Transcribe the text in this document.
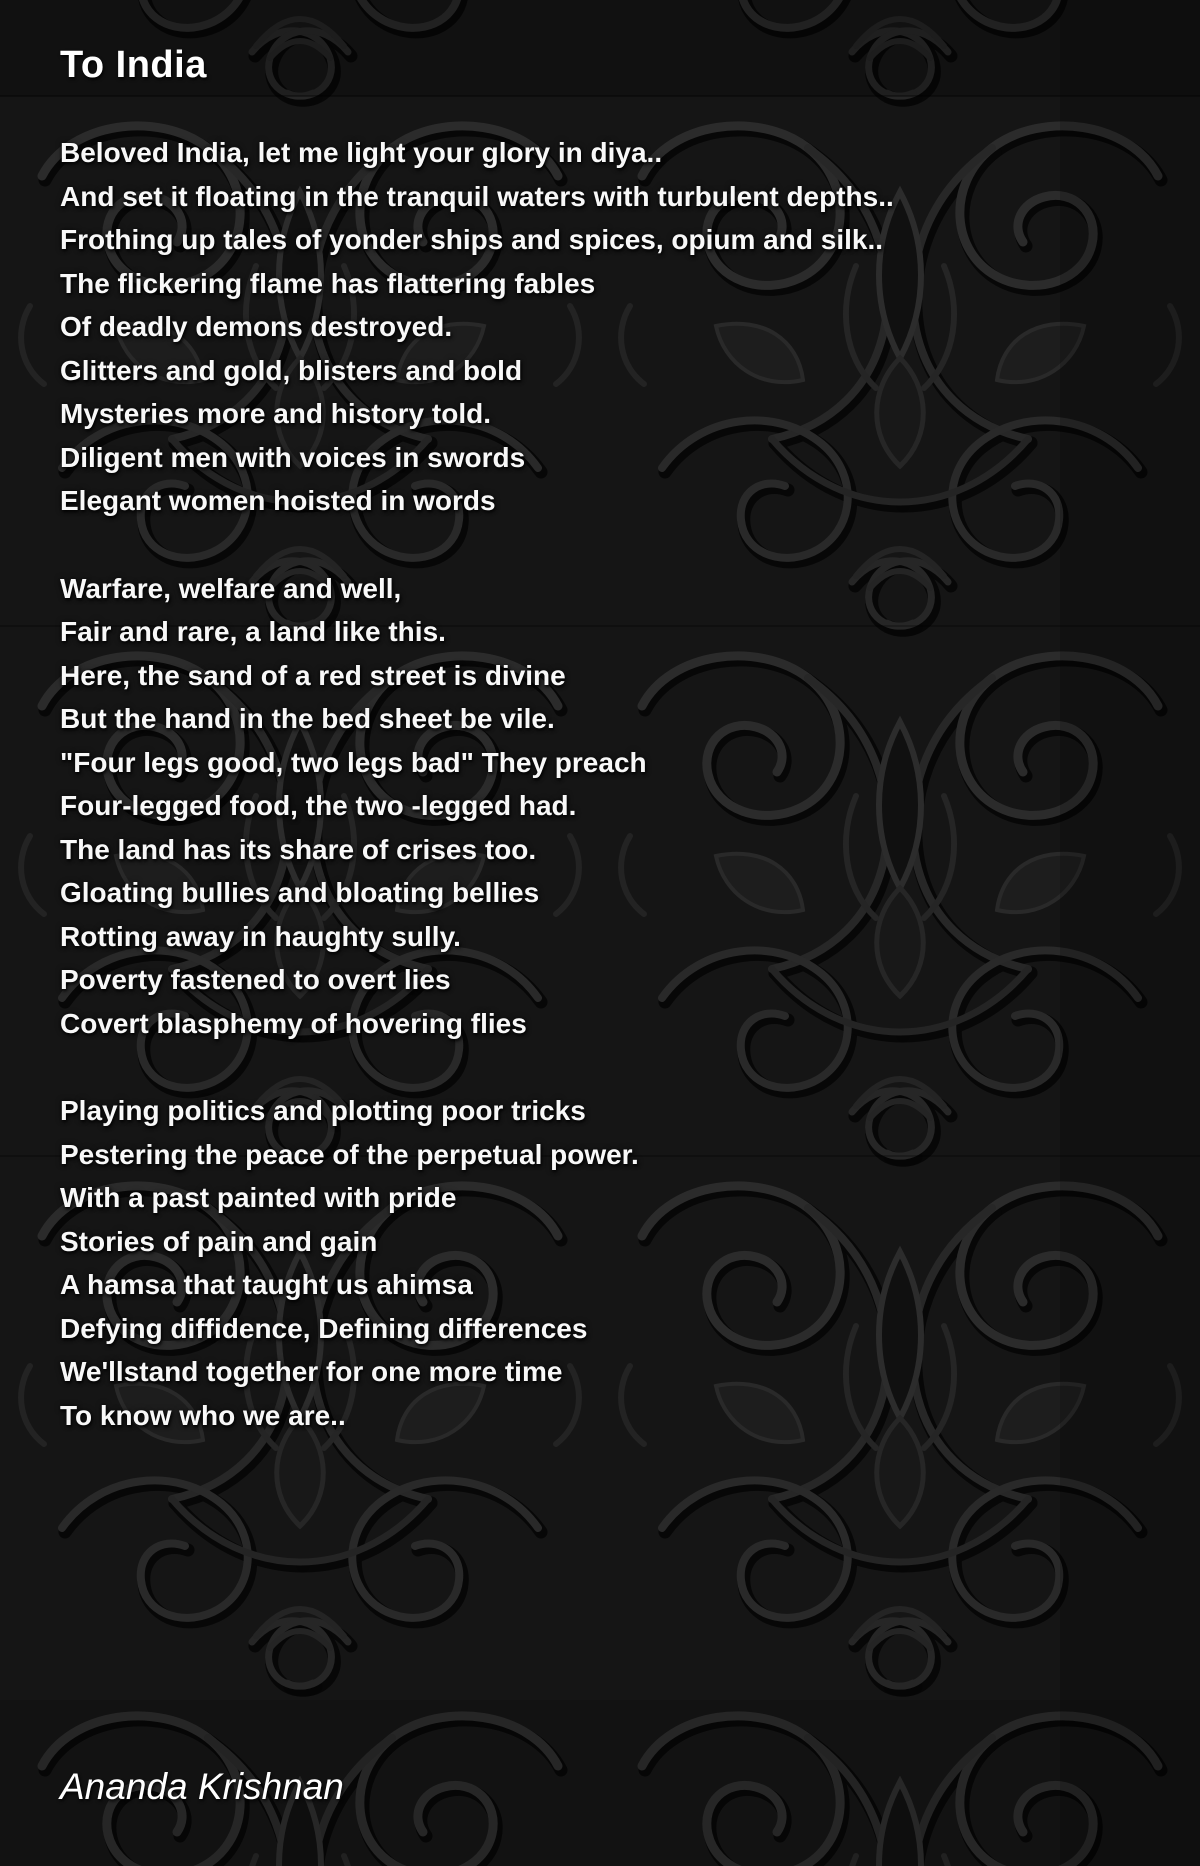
To India
Beloved India, let me light your glory in diya..
And set it floating in the tranquil waters with turbulent depths..
Frothing up tales of yonder ships and spices, opium and silk..
The flickering flame has flattering fables
Of deadly demons destroyed.
Glitters and gold, blisters and bold
Mysteries more and history told.
Diligent men with voices in swords
Elegant women hoisted in words
Warfare, welfare and well,
Fair and rare, a land like this.
Here, the sand of a red street is divine
But the hand in the bed sheet be vile.
"Four legs good, two legs bad" They preach
Four-legged food, the two -legged had.
The land has its share of crises too.
Gloating bullies and bloating bellies
Rotting away in haughty sully.
Poverty fastened to overt lies
Covert blasphemy of hovering flies
Playing politics and plotting poor tricks
Pestering the peace of the perpetual power.
With a past painted with pride
Stories of pain and gain
A hamsa that taught us ahimsa
Defying diffidence, Defining differences
We'llstand together for one more time
To know who we are..
Ananda Krishnan
